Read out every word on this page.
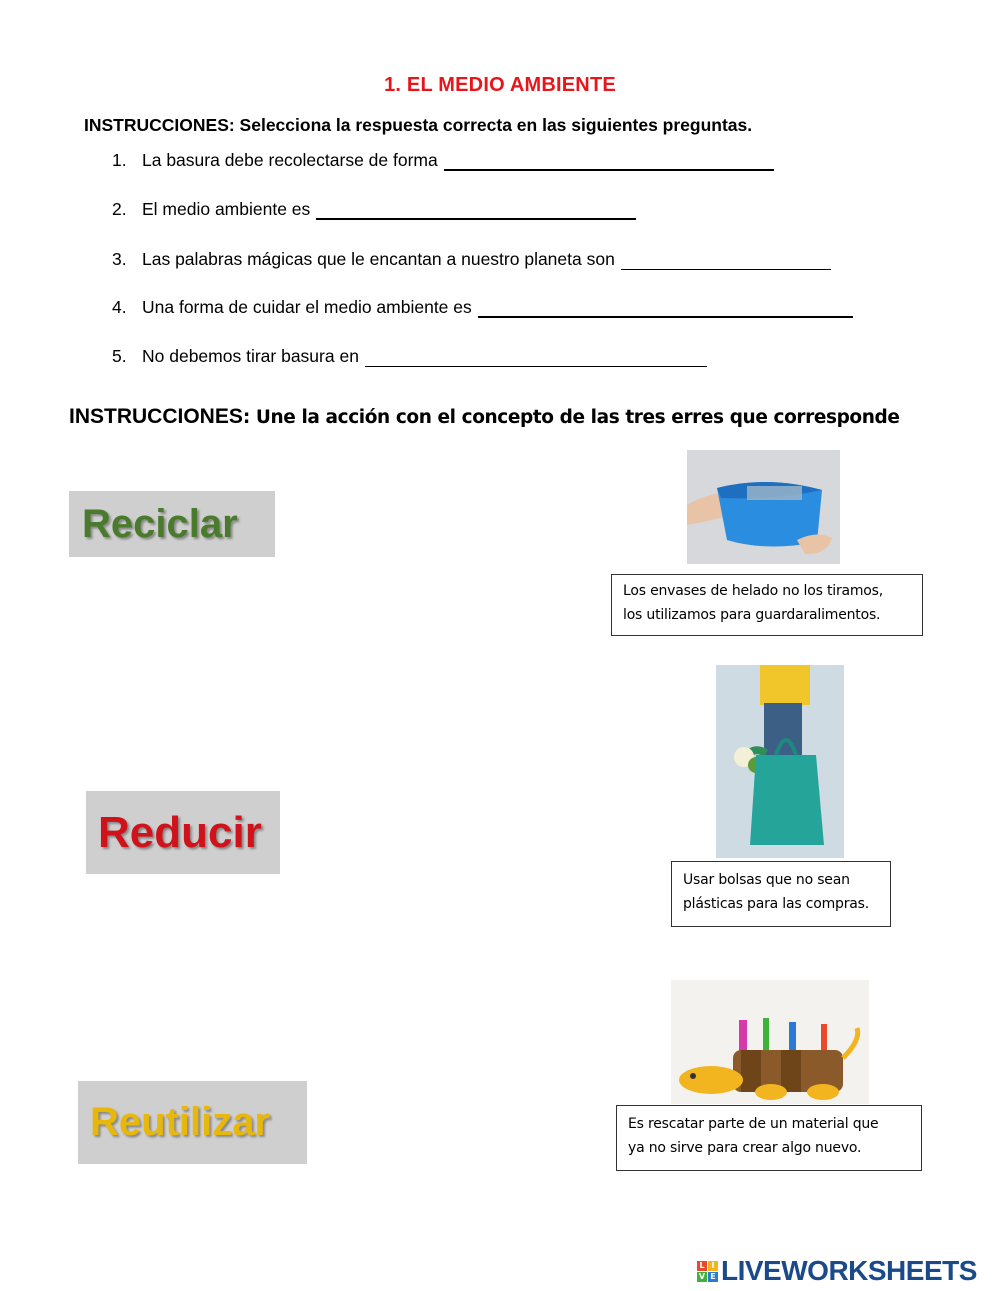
1. EL MEDIO AMBIENTE
INSTRUCCIONES: Selecciona la respuesta correcta en las siguientes preguntas.
1. La basura debe recolectarse de forma
2. El medio ambiente es
3. Las palabras mágicas que le encantan a nuestro planeta son
4. Una forma de cuidar el medio ambiente es
5. No debemos tirar basura en
INSTRUCCIONES: Une la acción con el concepto de las tres erres que corresponde
Reciclar
Reducir
Reutilizar
Los envases de helado no los tiramos,
los utilizamos para guardaralimentos.
Usar bolsas que no sean
plásticas para las compras.
Es rescatar parte de un material que
ya no sirve para crear algo nuevo.
L I
V E LIVEWORKSHEETS
